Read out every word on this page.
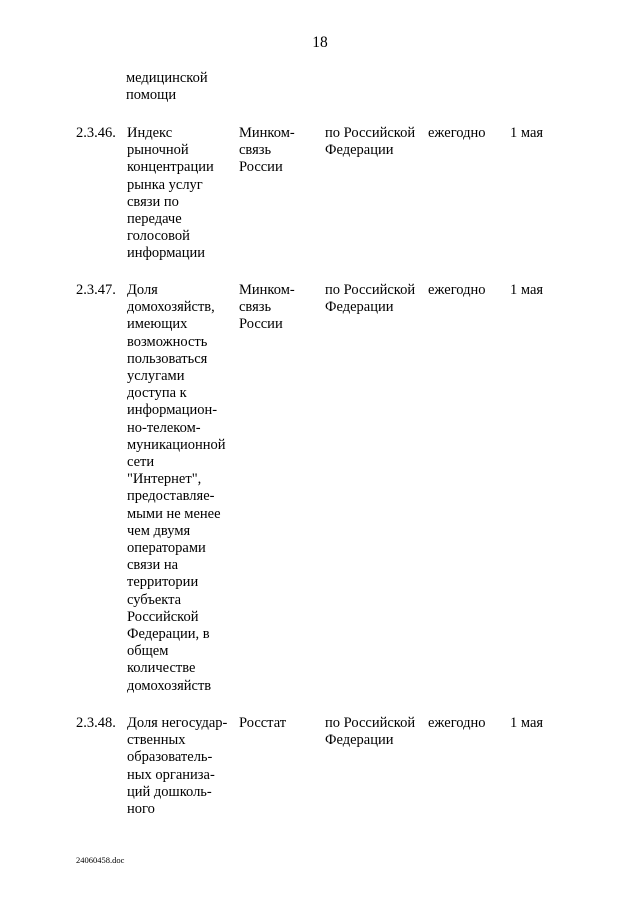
18
медицинской
помощи
2.3.46. Индекс
рыночной
концентрации
рынка услуг
связи по
передаче
голосовой
информации
Минком-
связь
России
по Российской
Федерации
ежегодно 1 мая
2.3.47. Доля
домохозяйств,
имеющих
возможность
пользоваться
услугами
доступа к
информацион-
но-телеком-
муникационной
сети
"Интернет",
предоставляе-
мыми не менее
чем двумя
операторами
связи на
территории
субъекта
Российской
Федерации, в
общем
количестве
домохозяйств
Минком-
связь
России
по Российской
Федерации
ежегодно 1 мая
2.3.48. Доля негосудар-
ственных
образователь-
ных организа-
ций дошколь-
ного
Росстат	по Российской
Федерации
ежегодно 1 мая
24060458.doc
